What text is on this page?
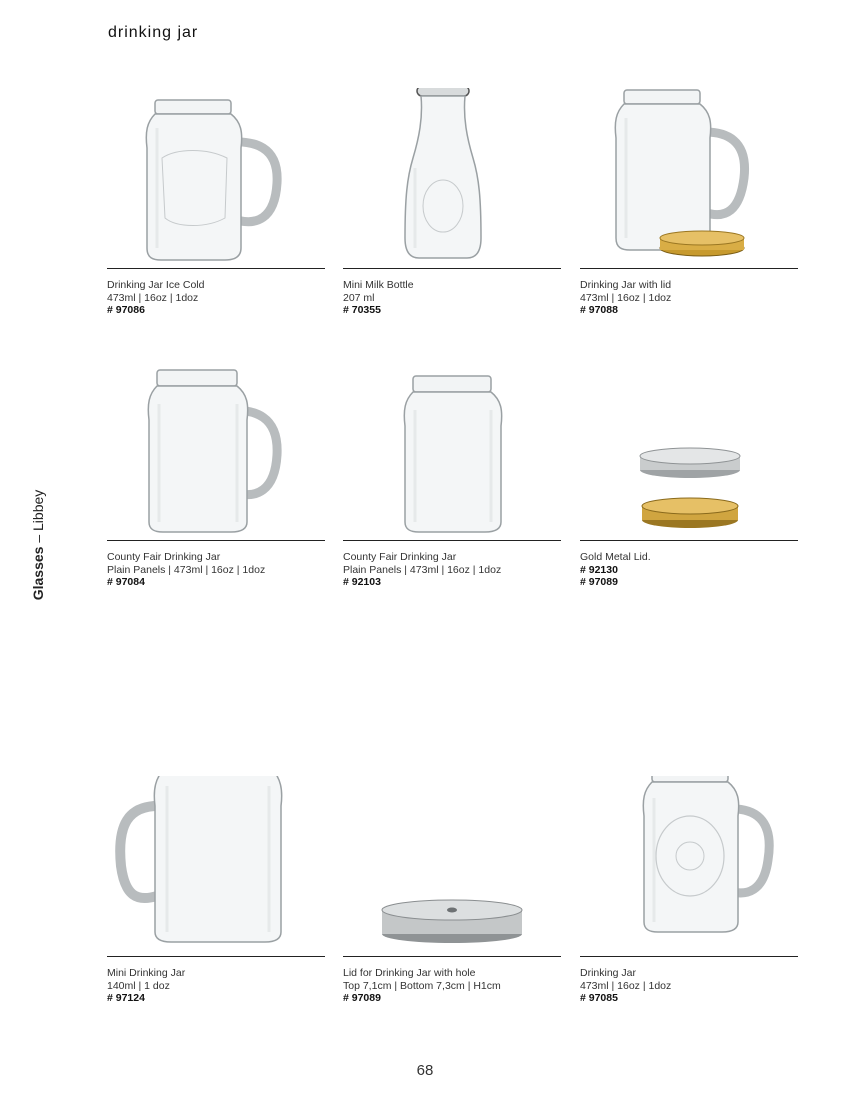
drinking jar
Glasses – Libbey
Drinking Jar Ice Cold
473ml | 16oz | 1doz
# 97086
Mini Milk Bottle
207 ml
# 70355
Drinking Jar with lid
473ml | 16oz | 1doz
# 97088
County Fair Drinking Jar
Plain Panels | 473ml | 16oz | 1doz
# 97084
County Fair Drinking Jar
Plain Panels | 473ml | 16oz | 1doz
# 92103
Gold Metal Lid.
# 92130
# 97089
Mini Drinking Jar
140ml | 1 doz
# 97124
Lid for Drinking Jar with hole
Top 7,1cm | Bottom 7,3cm | H1cm
# 97089
Drinking Jar
473ml | 16oz | 1doz
# 97085
68
